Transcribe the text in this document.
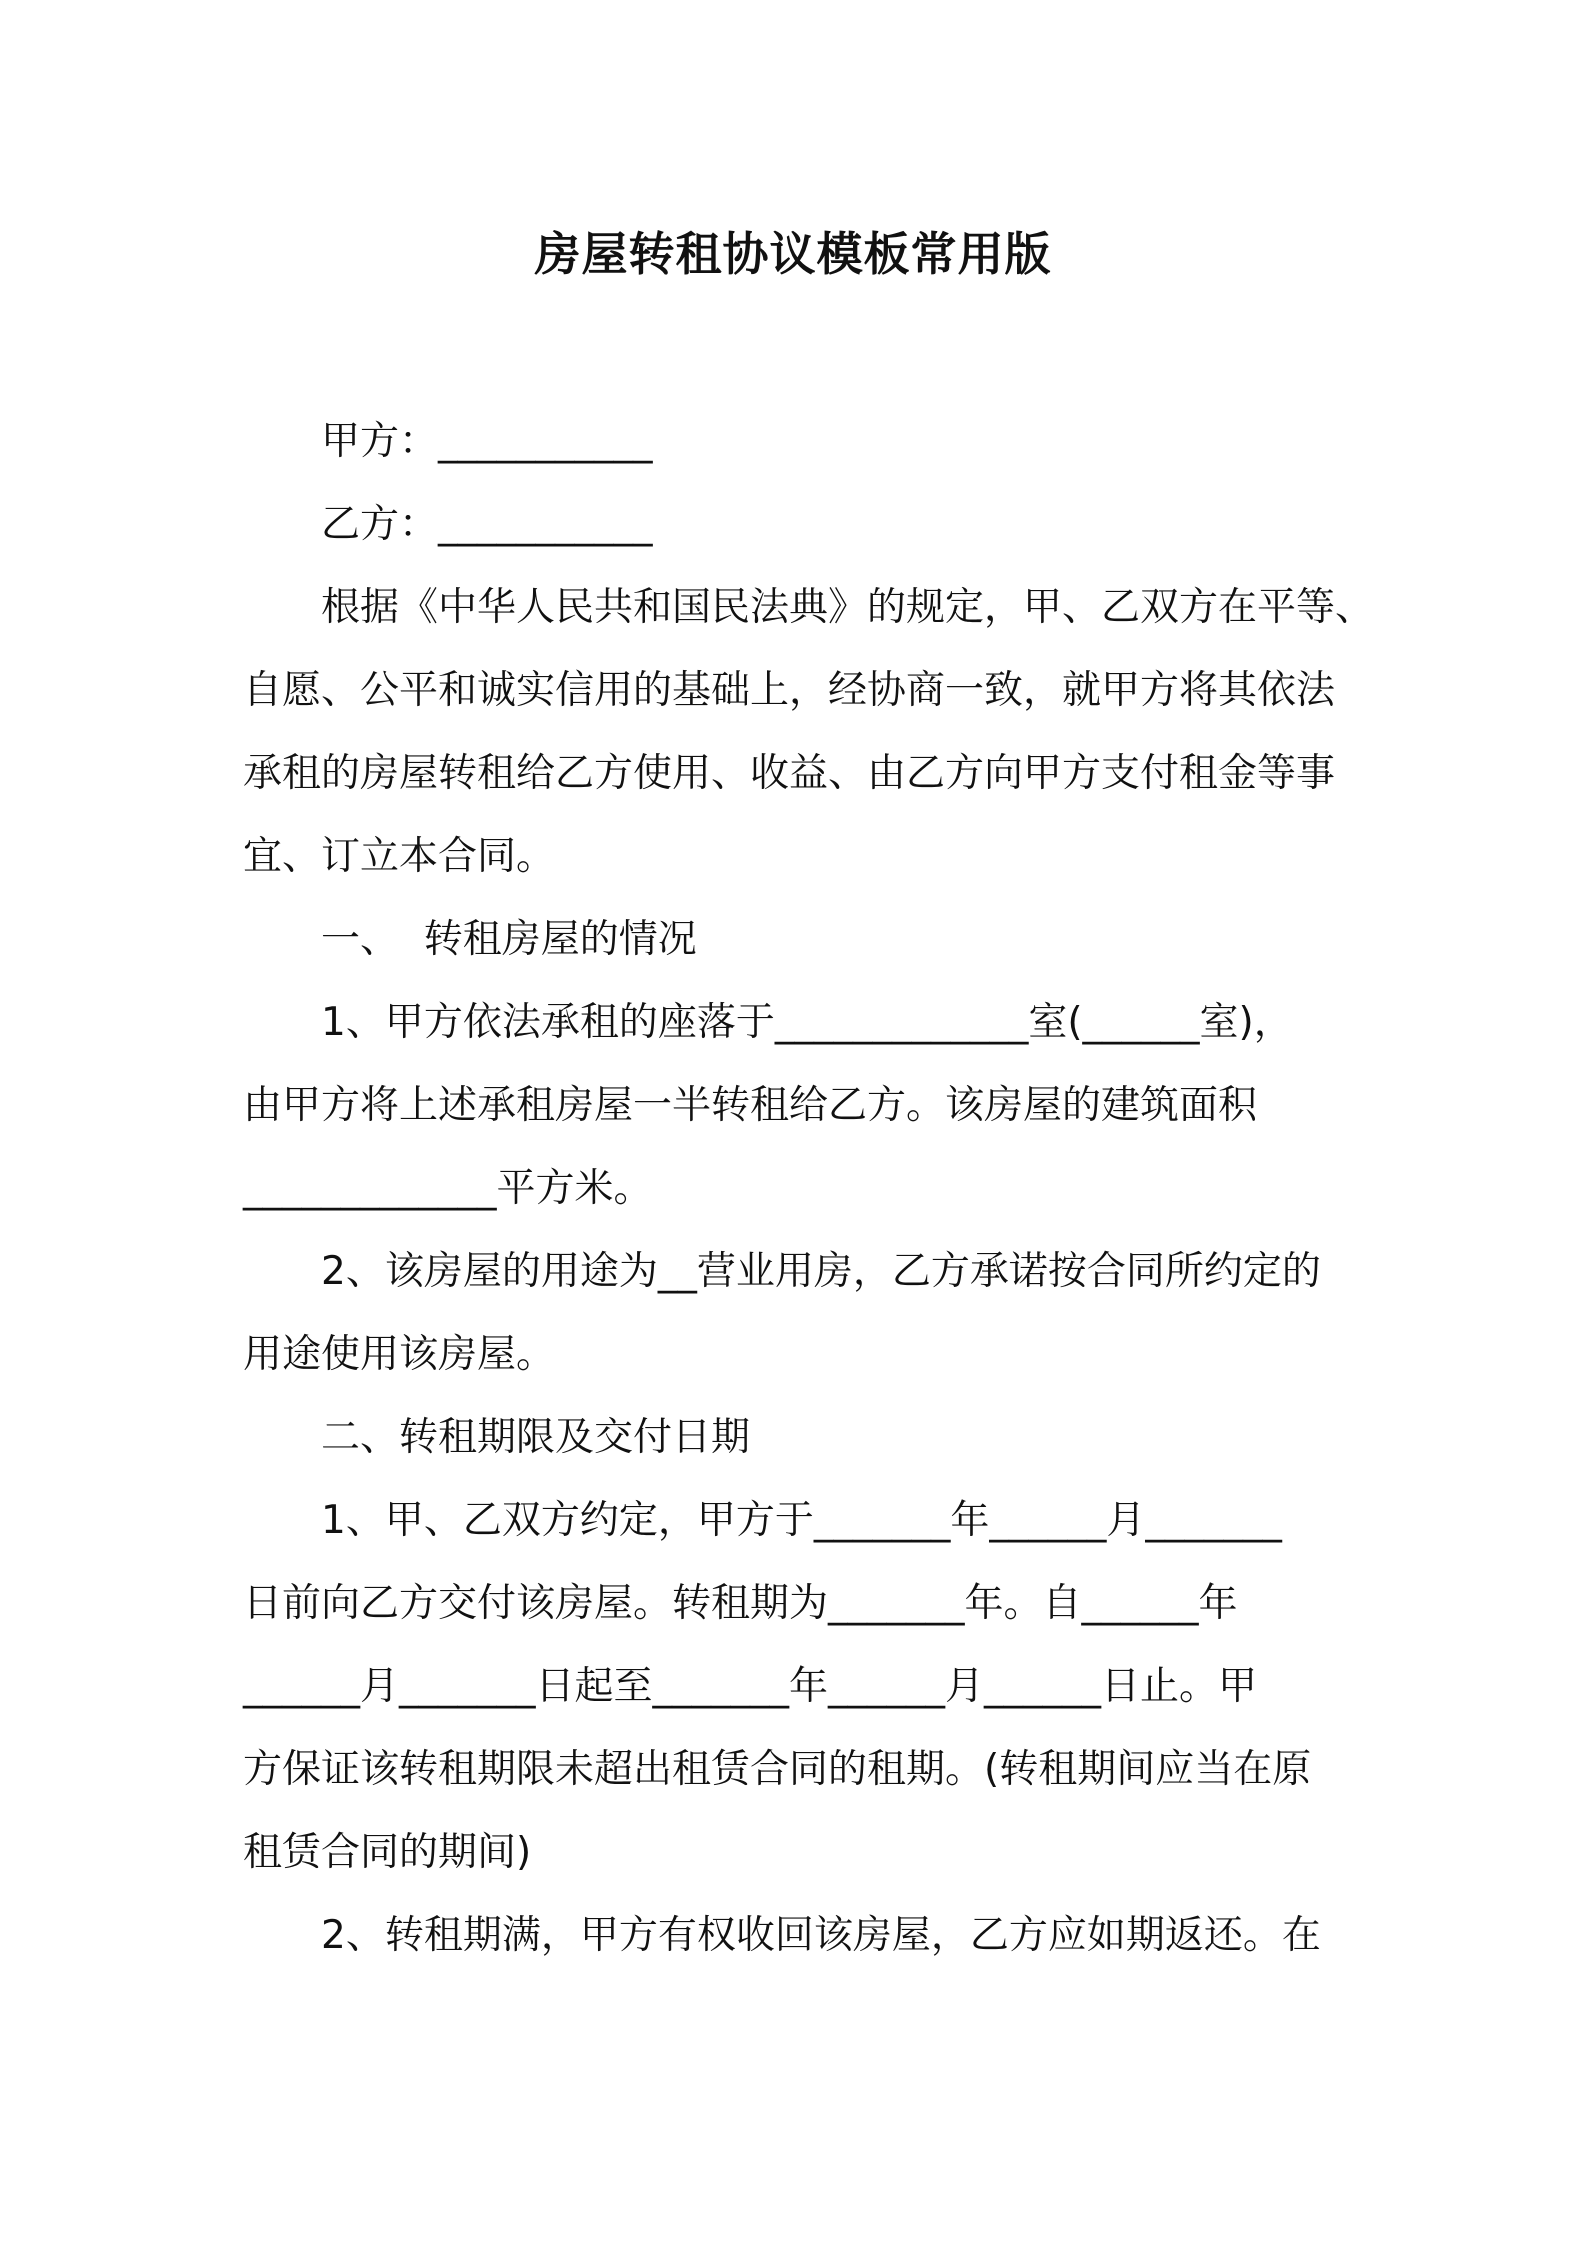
房屋转租协议模板常用版
甲方：___________
乙方：___________
根据《中华人民共和国民法典》的规定，甲、乙双方在平等、
自愿、公平和诚实信用的基础上，经协商一致，就甲方将其依法
承租的房屋转租给乙方使用、收益、由乙方向甲方支付租金等事
宜、订立本合同。
一、  转租房屋的情况
1、甲方依法承租的座落于_____________室(______室)，
由甲方将上述承租房屋一半转租给乙方。该房屋的建筑面积
_____________平方米。
2、该房屋的用途为__营业用房，乙方承诺按合同所约定的
用途使用该房屋。
二、转租期限及交付日期
1、甲、乙双方约定，甲方于_______年______月_______
日前向乙方交付该房屋。转租期为_______年。自______年
______月_______日起至_______年______月______日止。甲
方保证该转租期限未超出租赁合同的租期。(转租期间应当在原
租赁合同的期间)
2、转租期满，甲方有权收回该房屋，乙方应如期返还。在
